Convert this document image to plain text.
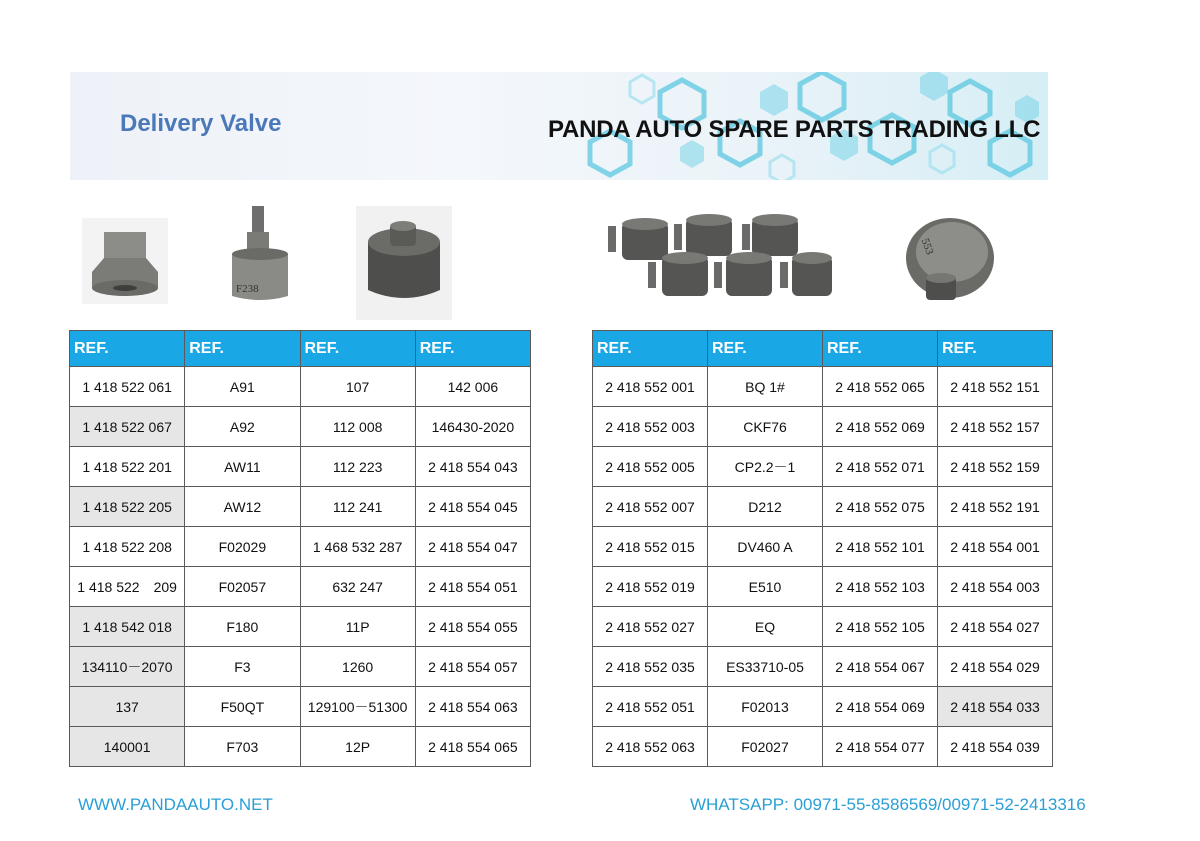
Delivery Valve	PANDA AUTO SPARE PARTS TRADING LLC
F238
553
REF.	REF.	REF.	REF.
1 418 522 061	A91	107	142 006
1 418 522 067	A92	112 008	146430-2020
1 418 522 201	AW11	112 223	2 418 554 043
1 418 522 205	AW12	112 241	2 418 554 045
1 418 522 208	F02029	1 468 532 287	2 418 554 047
1 418 522　209	F02057	632 247	2 418 554 051
1 418 542 018	F180	11P	2 418 554 055
134110－2070	F3	1260	2 418 554 057
137	F50QT	129100－51300	2 418 554 063
140001	F703	12P	2 418 554 065
REF.	REF.	REF.	REF.
2 418 552 001	BQ 1#	2 418 552 065	2 418 552 151
2 418 552 003	CKF76	2 418 552 069	2 418 552 157
2 418 552 005	CP2.2－1	2 418 552 071	2 418 552 159
2 418 552 007	D212	2 418 552 075	2 418 552 191
2 418 552 015	DV460 A	2 418 552 101	2 418 554 001
2 418 552 019	E510	2 418 552 103	2 418 554 003
2 418 552 027	EQ	2 418 552 105	2 418 554 027
2 418 552 035	ES33710-05	2 418 554 067	2 418 554 029
2 418 552 051	F02013	2 418 554 069	2 418 554 033
2 418 552 063	F02027	2 418 554 077	2 418 554 039
WWW.PANDAAUTO.NET	WHATSAPP: 00971-55-8586569/00971-52-2413316
